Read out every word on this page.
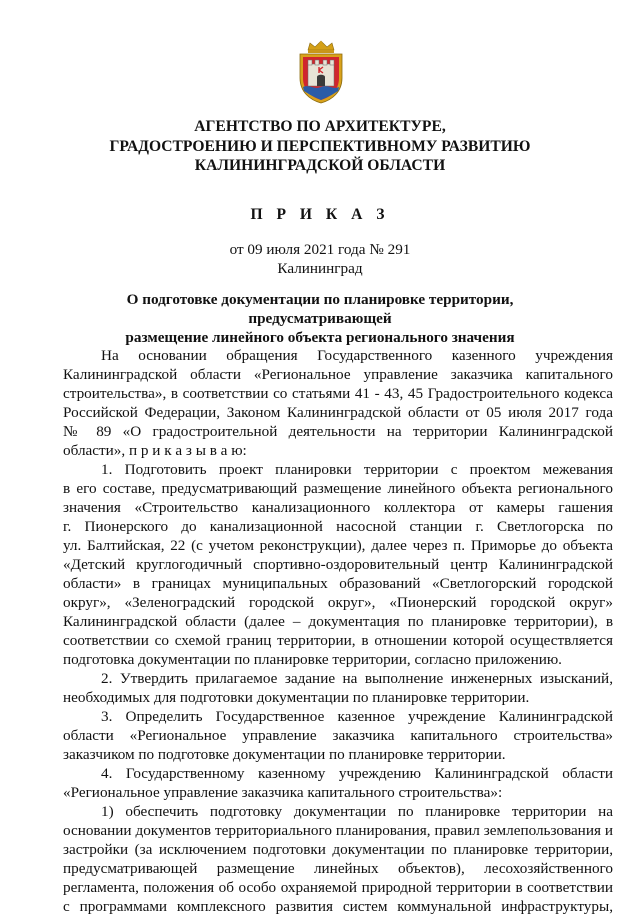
АГЕНТСТВО ПО АРХИТЕКТУРЕ,
ГРАДОСТРОЕНИЮ И ПЕРСПЕКТИВНОМУ РАЗВИТИЮ
КАЛИНИНГРАДСКОЙ ОБЛАСТИ
П Р И К А З
от 09 июля 2021 года № 291
Калининград
О подготовке документации по планировке территории, предусматривающей
размещение линейного объекта регионального значения
На основании обращения Государственного казенного учреждения
Калининградской области «Региональное управление заказчика капитального
строительства», в соответствии со статьями 41 - 43, 45 Градостроительного кодекса
Российской Федерации, Законом Калининградской области от 05 июля 2017 года
№ 89 «О градостроительной деятельности на территории Калининградской
области», п р и к а з ы в а ю:
1. Подготовить проект планировки территории с проектом межевания
в его составе, предусматривающий размещение линейного объекта регионального
значения «Строительство канализационного коллектора от камеры гашения
г. Пионерского до канализационной насосной станции г. Светлогорска по
ул. Балтийская, 22 (с учетом реконструкции), далее через п. Приморье до объекта
«Детский круглогодичный спортивно-оздоровительный центр Калининградской
области» в границах муниципальных образований «Светлогорский городской
округ», «Зеленоградский городской округ», «Пионерский городской округ»
Калининградской области (далее – документация по планировке территории), в
соответствии со схемой границ территории, в отношении которой осуществляется
подготовка документации по планировке территории, согласно приложению.
2. Утвердить прилагаемое задание на выполнение инженерных изысканий,
необходимых для подготовки документации по планировке территории.
3. Определить Государственное казенное учреждение Калининградской
области «Региональное управление заказчика капитального строительства»
заказчиком по подготовке документации по планировке территории.
4. Государственному казенному учреждению Калининградской области
«Региональное управление заказчика капитального строительства»:
1) обеспечить подготовку документации по планировке территории на
основании документов территориального планирования, правил землепользования и
застройки (за исключением подготовки документации по планировке территории,
предусматривающей размещение линейных объектов), лесохозяйственного
регламента, положения об особо охраняемой природной территории в соответствии
с программами комплексного развития систем коммунальной инфраструктуры,
